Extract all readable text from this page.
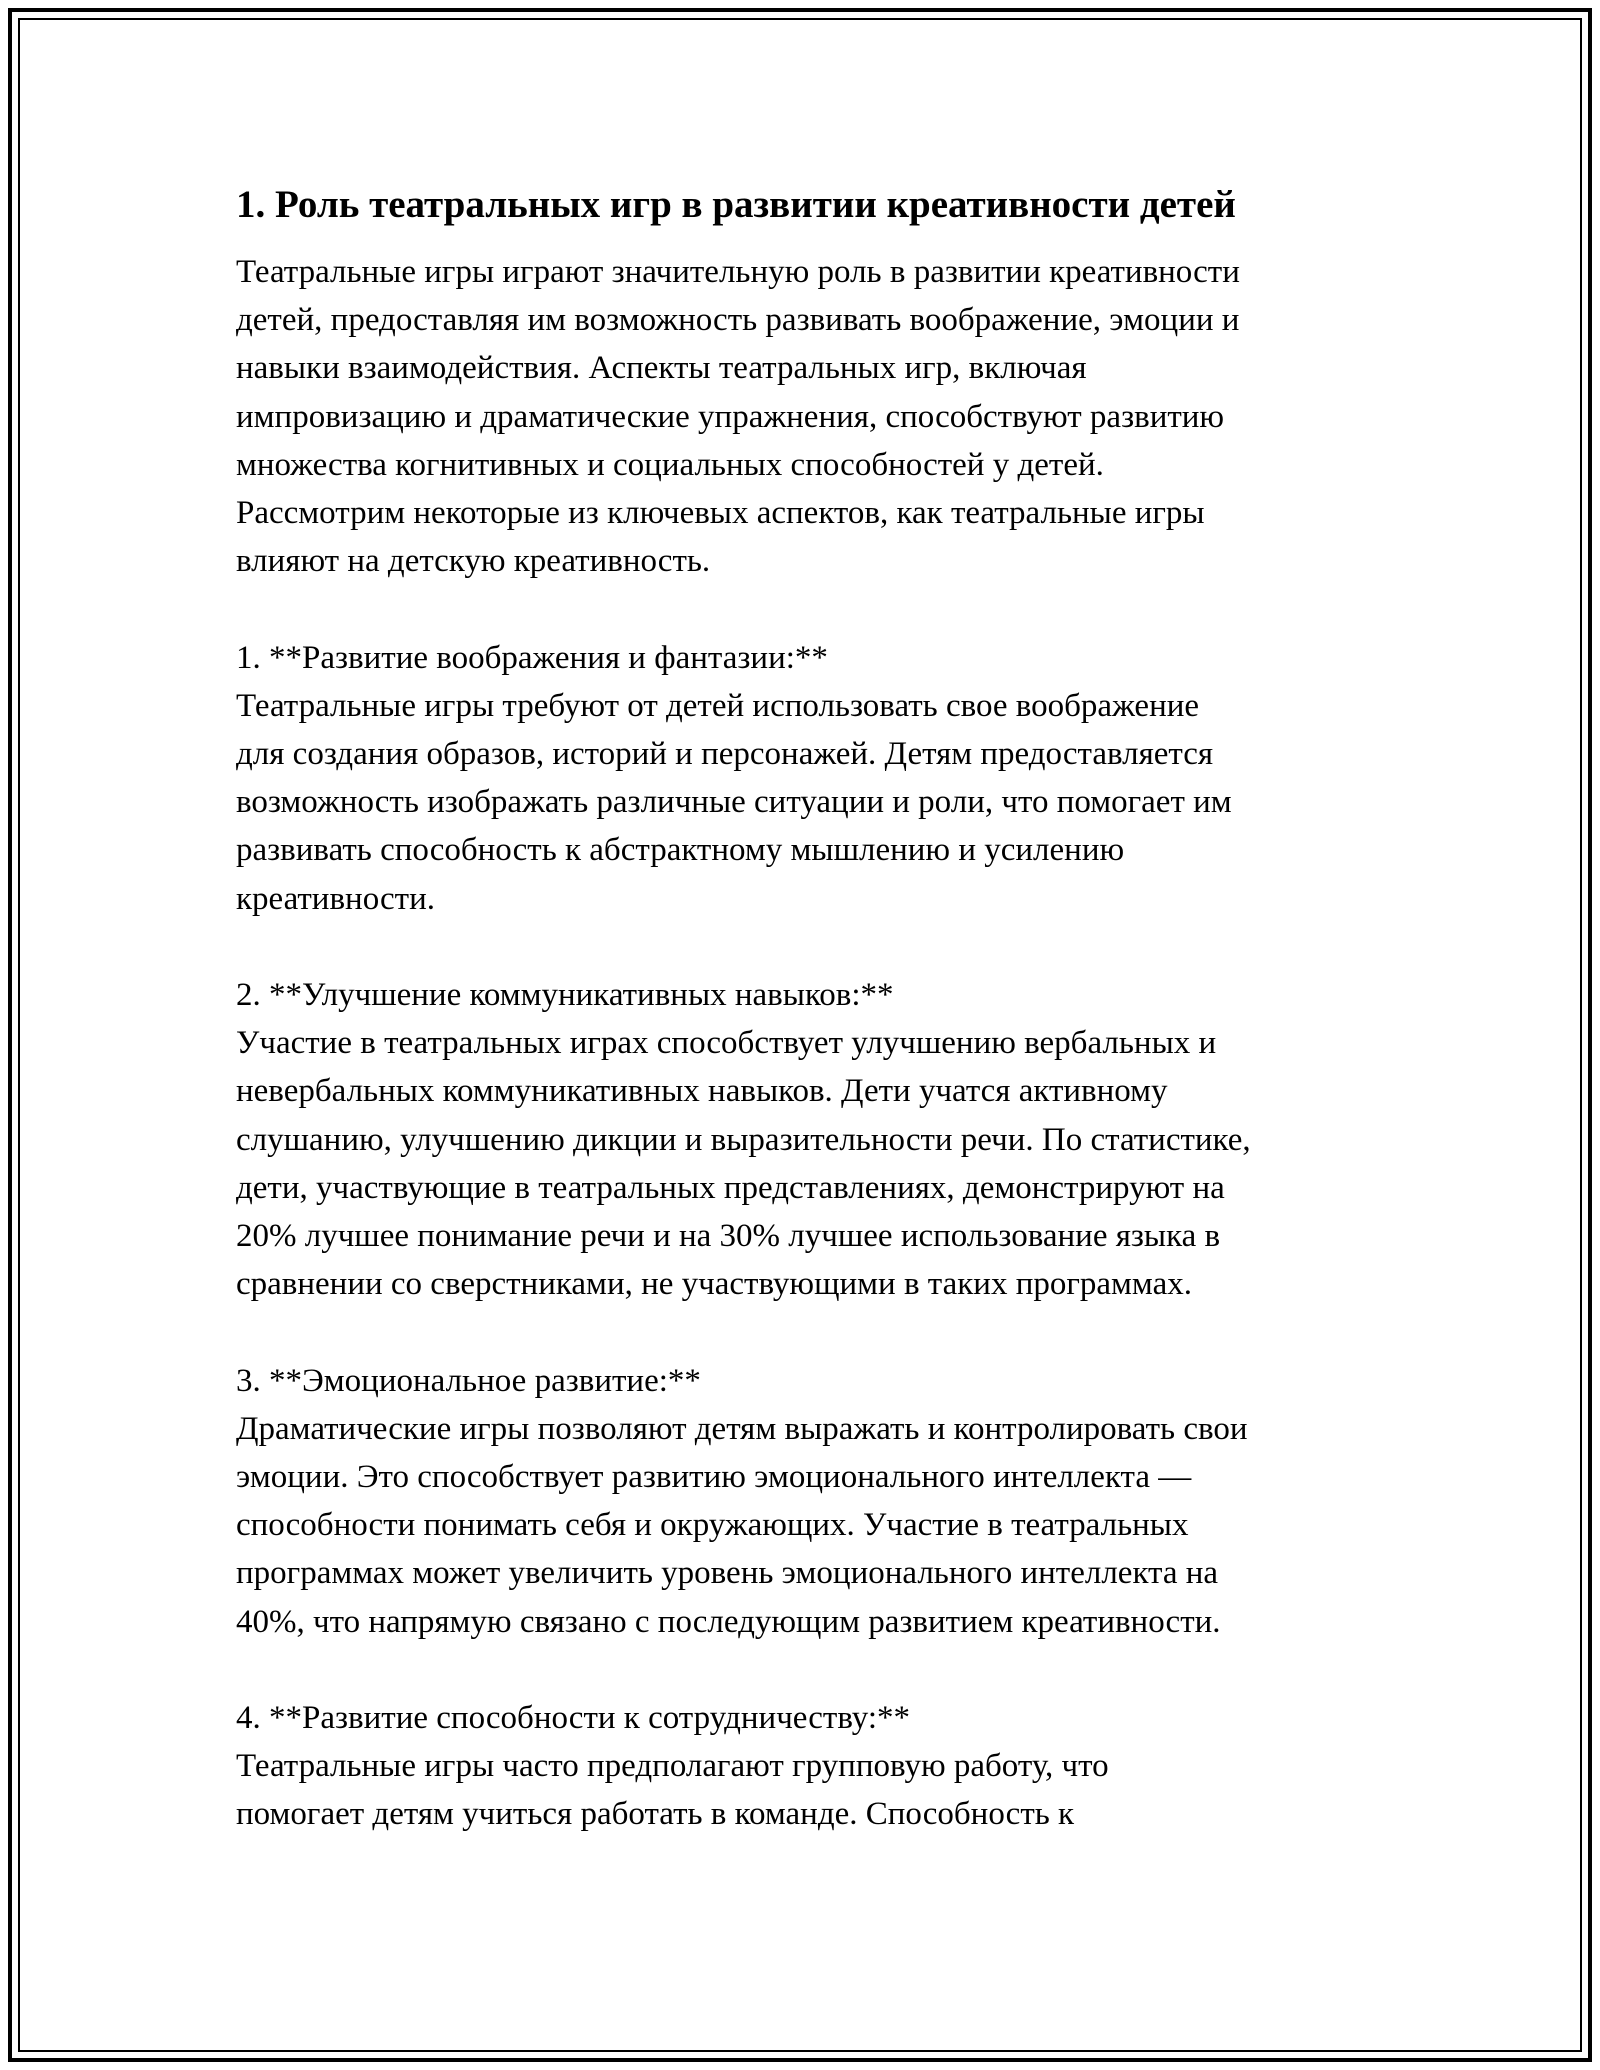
1. Роль театральных игр в развитии креативности детей

Театральные игры играют значительную роль в развитии креативности
детей, предоставляя им возможность развивать воображение, эмоции и
навыки взаимодействия. Аспекты театральных игр, включая
импровизацию и драматические упражнения, способствуют развитию
множества когнитивных и социальных способностей у детей.
Рассмотрим некоторые из ключевых аспектов, как театральные игры
влияют на детскую креативность.

1. **Развитие воображения и фантазии:**
Театральные игры требуют от детей использовать свое воображение
для создания образов, историй и персонажей. Детям предоставляется
возможность изображать различные ситуации и роли, что помогает им
развивать способность к абстрактному мышлению и усилению
креативности.

2. **Улучшение коммуникативных навыков:**
Участие в театральных играх способствует улучшению вербальных и
невербальных коммуникативных навыков. Дети учатся активному
слушанию, улучшению дикции и выразительности речи. По статистике,
дети, участвующие в театральных представлениях, демонстрируют на
20% лучшее понимание речи и на 30% лучшее использование языка в
сравнении со сверстниками, не участвующими в таких программах.

3. **Эмоциональное развитие:**
Драматические игры позволяют детям выражать и контролировать свои
эмоции. Это способствует развитию эмоционального интеллекта —
способности понимать себя и окружающих. Участие в театральных
программах может увеличить уровень эмоционального интеллекта на
40%, что напрямую связано с последующим развитием креативности.

4. **Развитие способности к сотрудничеству:**
Театральные игры часто предполагают групповую работу, что
помогает детям учиться работать в команде. Способность к
